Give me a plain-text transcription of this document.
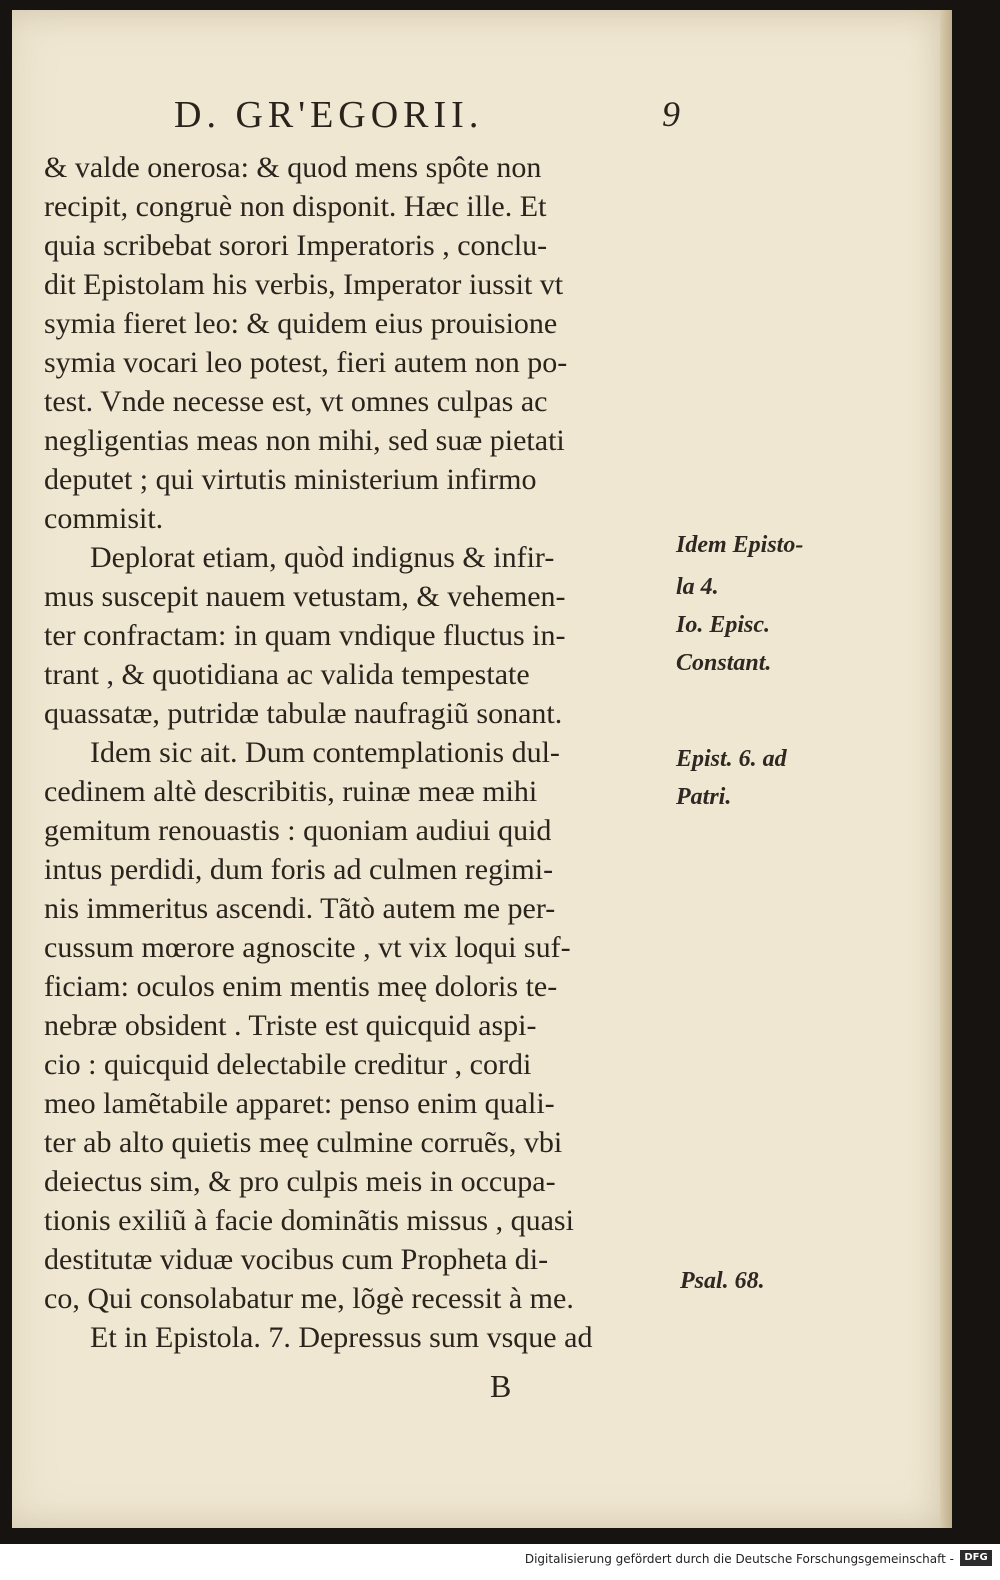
D. GR'EGORII.	9
& valde onerosa: & quod mens spôte non
recipit, congruè non disponit. Hæc ille. Et
quia scribebat sorori Imperatoris , conclu-
dit Epistolam his verbis, Imperator iussit vt
symia fieret leo: & quidem eius prouisione
symia vocari leo potest, fieri autem non po-
test. Vnde necesse est, vt omnes culpas ac
negligentias meas non mihi, sed suæ pietati
deputet ; qui virtutis ministerium infirmo
commisit.
Deplorat etiam, quòd indignus & infir-
mus suscepit nauem vetustam, & vehemen-
ter confractam: in quam vndique fluctus in-
trant , & quotidiana ac valida tempestate
quassatæ, putridæ tabulæ naufragiũ sonant.
Idem sic ait. Dum contemplationis dul-
cedinem altè describitis, ruinæ meæ mihi
gemitum renouastis : quoniam audiui quid
intus perdidi, dum foris ad culmen regimi-
nis immeritus ascendi. Tãtò autem me per-
cussum mœrore agnoscite , vt vix loqui suf-
ficiam: oculos enim mentis meę doloris te-
nebræ obsident . Triste est quicquid aspi-
cio : quicquid delectabile creditur , cordi
meo lamẽtabile apparet: penso enim quali-
ter ab alto quietis meę culmine corruẽs, vbi
deiectus sim, & pro culpis meis in occupa-
tionis exiliũ à facie dominãtis missus , quasi
destitutæ viduæ vocibus cum Propheta di-
co, Qui consolabatur me, lõgè recessit à me.
Et in Epistola. 7. Depressus sum vsque ad
B
Idem Episto-
la 4.
Io. Episc.
Constant.
Epist. 6. ad
Patri.
Psal. 68.
Digitalisierung gefördert durch die Deutsche Forschungsgemeinschaft -	DFG
